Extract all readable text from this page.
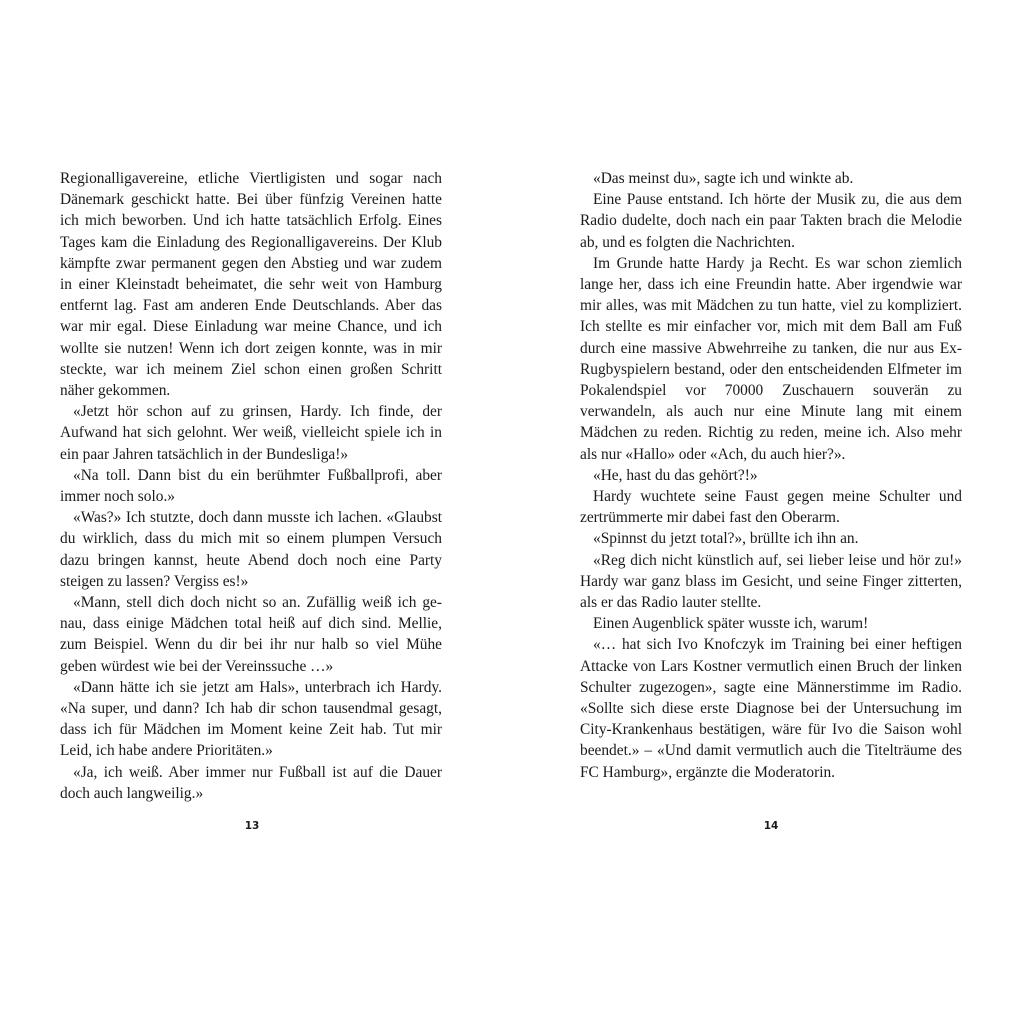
Regionalligavereine, etliche Viertligisten und sogar nach Dänemark geschickt hatte. Bei über fünfzig Vereinen hatte ich mich beworben. Und ich hatte tatsächlich Erfolg. Eines Tages kam die Einladung des Regionalligavereins. Der Klub kämpfte zwar permanent gegen den Abstieg und war zudem in einer Kleinstadt beheimatet, die sehr weit von Hamburg entfernt lag. Fast am anderen Ende Deutschlands. Aber das war mir egal. Diese Einladung war meine Chance, und ich wollte sie nutzen! Wenn ich dort zeigen konnte, was in mir steckte, war ich meinem Ziel schon einen großen Schritt näher gekommen.

«Jetzt hör schon auf zu grinsen, Hardy. Ich finde, der Aufwand hat sich gelohnt. Wer weiß, vielleicht spiele ich in ein paar Jahren tatsächlich in der Bundesliga!»

«Na toll. Dann bist du ein berühmter Fußballprofi, aber immer noch solo.»

«Was?» Ich stutzte, doch dann musste ich lachen. «Glaubst du wirklich, dass du mich mit so einem plumpen Versuch dazu bringen kannst, heute Abend doch noch eine Party steigen zu lassen? Vergiss es!»

«Mann, stell dich doch nicht so an. Zufällig weiß ich genau, dass einige Mädchen total heiß auf dich sind. Mellie, zum Beispiel. Wenn du dir bei ihr nur halb so viel Mühe geben würdest wie bei der Vereinssuche …»

«Dann hätte ich sie jetzt am Hals», unterbrach ich Hardy. «Na super, und dann? Ich hab dir schon tausendmal gesagt, dass ich für Mädchen im Moment keine Zeit hab. Tut mir Leid, ich habe andere Prioritäten.»

«Ja, ich weiß. Aber immer nur Fußball ist auf die Dauer doch auch langweilig.»

13

«Das meinst du», sagte ich und winkte ab.

Eine Pause entstand. Ich hörte der Musik zu, die aus dem Radio dudelte, doch nach ein paar Takten brach die Melodie ab, und es folgten die Nachrichten.

Im Grunde hatte Hardy ja Recht. Es war schon ziemlich lange her, dass ich eine Freundin hatte. Aber irgendwie war mir alles, was mit Mädchen zu tun hatte, viel zu kompliziert. Ich stellte es mir einfacher vor, mich mit dem Ball am Fuß durch eine massive Abwehrreihe zu tanken, die nur aus Ex-Rugbyspielern bestand, oder den entscheidenden Elfmeter im Pokalendspiel vor 70000 Zuschauern souverän zu verwandeln, als auch nur eine Minute lang mit einem Mädchen zu reden. Richtig zu reden, meine ich. Also mehr als nur «Hallo» oder «Ach, du auch hier?».

«He, hast du das gehört?!»

Hardy wuchtete seine Faust gegen meine Schulter und zertrümmerte mir dabei fast den Oberarm.

«Spinnst du jetzt total?», brüllte ich ihn an.

«Reg dich nicht künstlich auf, sei lieber leise und hör zu!» Hardy war ganz blass im Gesicht, und seine Finger zitterten, als er das Radio lauter stellte.

Einen Augenblick später wusste ich, warum!

«… hat sich Ivo Knofczyk im Training bei einer heftigen Attacke von Lars Kostner vermutlich einen Bruch der linken Schulter zugezogen», sagte eine Männerstimme im Radio. «Sollte sich diese erste Diagnose bei der Untersuchung im City-Krankenhaus bestätigen, wäre für Ivo die Saison wohl beendet.» – «Und damit vermutlich auch die Titelträume des FC Hamburg», ergänzte die Moderatorin.

14
